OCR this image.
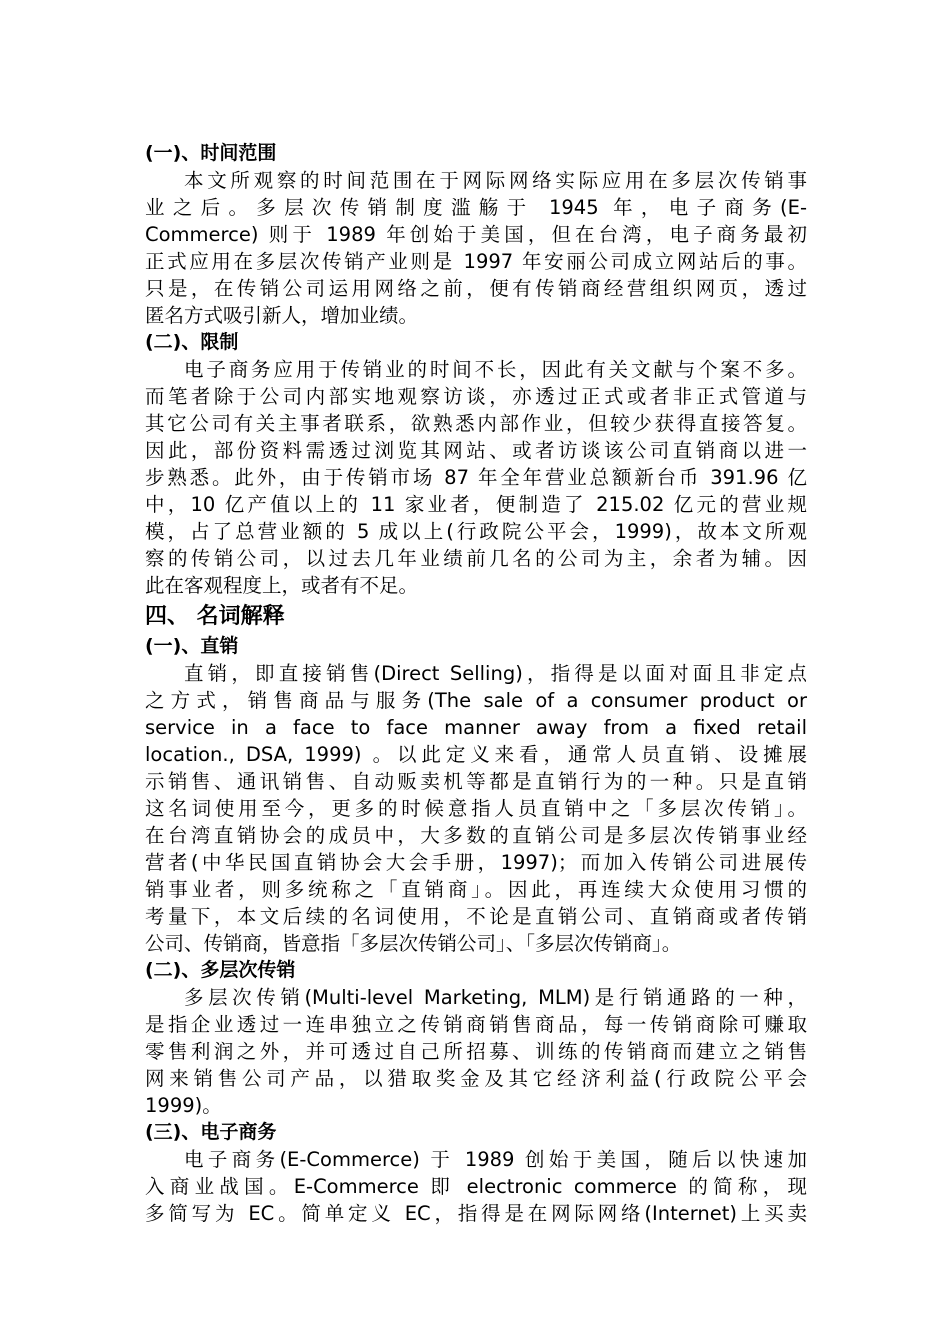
(一)、时间范围
本文所观察的时间范围在于网际网络实际应用在多层次传销事
业之后。多层次传销制度滥觞于 1945 年，电子商务(E-
Commerce) 则于 1989 年创始于美国，但在台湾，电子商务最初
正式应用在多层次传销产业则是 1997 年安丽公司成立网站后的事。
只是，在传销公司运用网络之前，便有传销商经营组织网页，透过
匿名方式吸引新人，增加业绩。
(二)、限制
电子商务应用于传销业的时间不长，因此有关文献与个案不多。
而笔者除于公司内部实地观察访谈，亦透过正式或者非正式管道与
其它公司有关主事者联系，欲熟悉内部作业，但较少获得直接答复。
因此，部份资料需透过浏览其网站、或者访谈该公司直销商以进一
步熟悉。此外，由于传销市场 87 年全年营业总额新台币 391.96 亿
中，10 亿产值以上的 11 家业者，便制造了 215.02 亿元的营业规
模，占了总营业额的 5 成以上(行政院公平会，1999)，故本文所观
察的传销公司，以过去几年业绩前几名的公司为主，余者为辅。因
此在客观程度上，或者有不足。
四、 名词解释
(一)、直销
直销，即直接销售(Direct Selling)，指得是以面对面且非定点
之方式，销售商品与服务(The sale of a consumer product or
service in a face to face manner away from a fixed retail
location., DSA, 1999) 。以此定义来看，通常人员直销、设摊展
示销售、通讯销售、自动贩卖机等都是直销行为的一种。只是直销
这名词使用至今，更多的时候意指人员直销中之「多层次传销」。
在台湾直销协会的成员中，大多数的直销公司是多层次传销事业经
营者(中华民国直销协会大会手册，1997)；而加入传销公司进展传
销事业者，则多统称之「直销商」。因此，再连续大众使用习惯的
考量下，本文后续的名词使用，不论是直销公司、直销商或者传销
公司、传销商，皆意指「多层次传销公司」、「多层次传销商」。
(二)、多层次传销
多层次传销(Multi-level Marketing, MLM)是行销通路的一种，
是指企业透过一连串独立之传销商销售商品，每一传销商除可赚取
零售利润之外，并可透过自己所招募、训练的传销商而建立之销售
网来销售公司产品，以猎取奖金及其它经济利益(行政院公平会
1999)。
(三)、电子商务
电子商务(E-Commerce) 于 1989 创始于美国，随后以快速加
入商业战国。E-Commerce 即 electronic commerce 的简称，现
多简写为 EC。简单定义 EC，指得是在网际网络(Internet)上买卖
